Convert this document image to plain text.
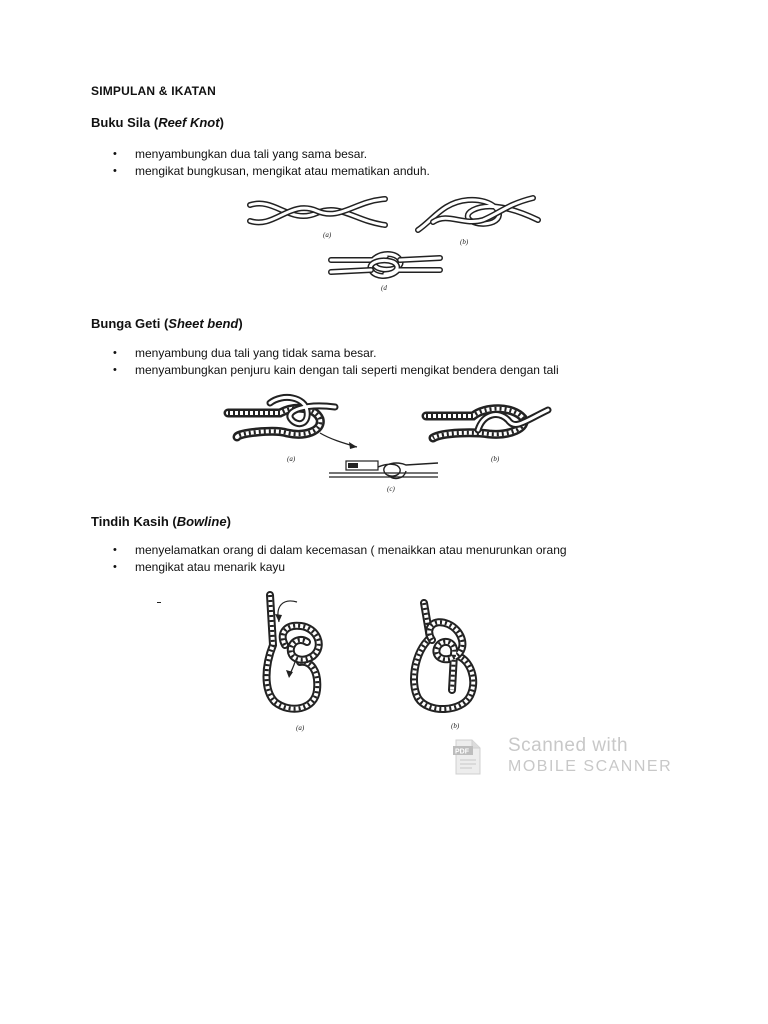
SIMPULAN & IKATAN
Buku Sila (Reef Knot)
• menyambungkan dua tali yang sama besar.
• mengikat bungkusan, mengikat atau mematikan anduh.
(a)
(b)
(d
Bunga Geti (Sheet bend)
• menyambung dua tali yang tidak sama besar.
• menyambungkan penjuru kain dengan tali seperti mengikat bendera dengan tali
(a)	(b)
(c)
Tindih Kasih (Bowline)
• menyelamatkan orang di dalam kecemasan ( menaikkan atau menurunkan orang
• mengikat atau menarik kayu
(a)	(b)
PDF Scanned with
MOBILE SCANNER
